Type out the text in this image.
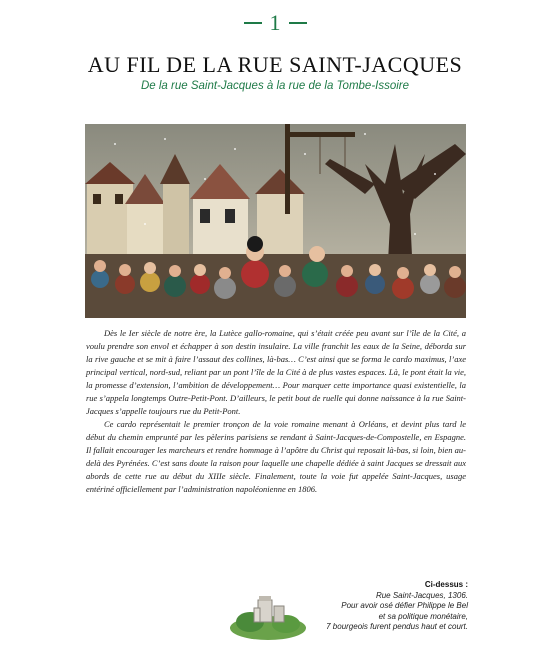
1
AU FIL DE LA RUE SAINT-JACQUES
De la rue Saint-Jacques à la rue de la Tombe-Issoire

Dès le Ier siècle de notre ère, la Lutèce gallo-romaine, qui s’était créée peu avant sur l’île de la Cité, a voulu prendre son envol et échapper à son destin insulaire. La ville franchit les eaux de la Seine, déborda sur la rive gauche et se mit à faire l’assaut des collines, là-bas… C’est ainsi que se forma le cardo maximus, l’axe principal vertical, nord-sud, reliant par un pont l’île de la Cité à de plus vastes espaces. Là, le pont était la vie, la promesse d’extension, l’ambition de développement… Pour marquer cette importance quasi existentielle, la rue s’appela longtemps Outre-Petit-Pont. D’ailleurs, le petit bout de ruelle qui donne naissance à la rue Saint-Jacques s’appelle toujours rue du Petit-Pont.

Ce cardo représentait le premier tronçon de la voie romaine menant à Orléans, et devint plus tard le début du chemin emprunté par les pèlerins parisiens se rendant à Saint-Jacques-de-Compostelle, en Espagne. Il fallait encourager les marcheurs et rendre hommage à l’apôtre du Christ qui reposait là-bas, si loin, bien au-delà des Pyrénées. C’est sans doute la raison pour laquelle une chapelle dédiée à saint Jacques se dressait aux abords de cette rue au début du XIIIe siècle. Finalement, toute la voie fut appelée Saint-Jacques, usage entériné officiellement par l’administration napoléonienne en 1806.

Ci-dessus :
Rue Saint-Jacques, 1306.
Pour avoir osé défier Philippe le Bel
et sa politique monétaire,
7 bourgeois furent pendus haut et court.
